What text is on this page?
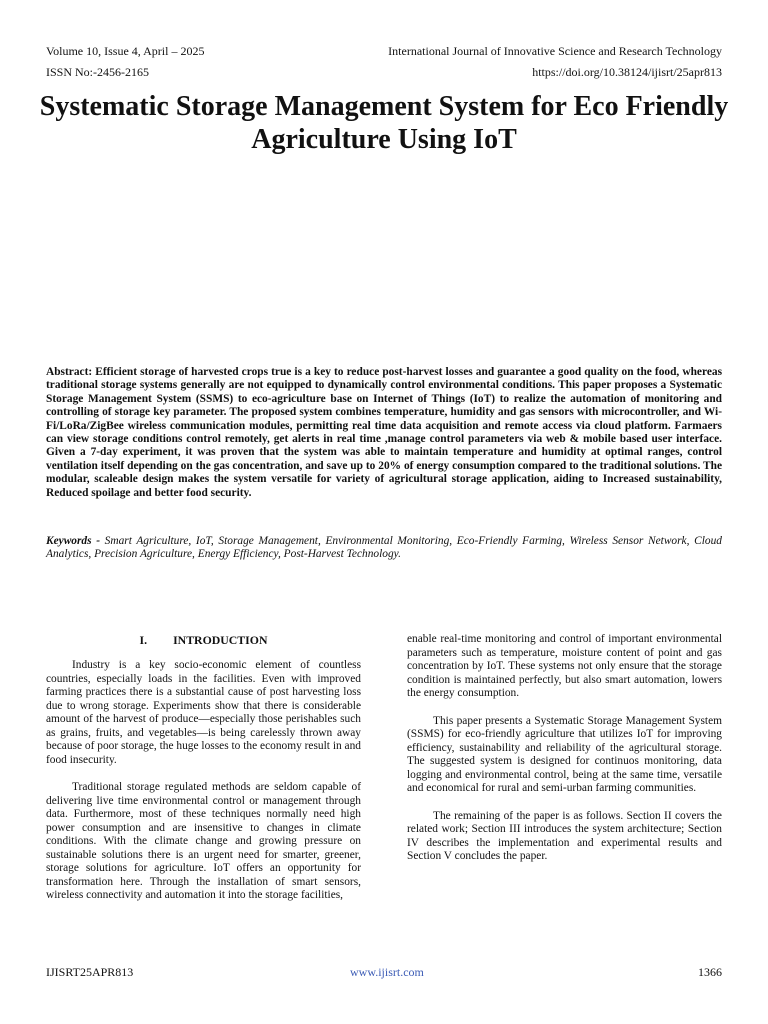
Volume 10, Issue 4, April – 2025	International Journal of Innovative Science and Research Technology
ISSN No:-2456-2165	https://doi.org/10.38124/ijisrt/25apr813
Systematic Storage Management System for Eco Friendly Agriculture Using IoT
Abstract: Efficient storage of harvested crops true is a key to reduce post-harvest losses and guarantee a good quality on the food, whereas traditional storage systems generally are not equipped to dynamically control environmental conditions. This paper proposes a Systematic Storage Management System (SSMS) to eco-agriculture base on Internet of Things (IoT) to realize the automation of monitoring and controlling of storage key parameter. The proposed system combines temperature, humidity and gas sensors with microcontroller, and Wi-Fi/LoRa/ZigBee wireless communication modules, permitting real time data acquisition and remote access via cloud platform. Farmaers can view storage conditions control remotely, get alerts in real time ,manage control parameters via web & mobile based user interface. Given a 7-day experiment, it was proven that the system was able to maintain temperature and humidity at optimal ranges, control ventilation itself depending on the gas concentration, and save up to 20% of energy consumption compared to the traditional solutions. The modular, scaleable design makes the system versatile for variety of agricultural storage application, aiding to Increased sustainability, Reduced spoilage and better food security.
Keywords - Smart Agriculture, IoT, Storage Management, Environmental Monitoring, Eco-Friendly Farming, Wireless Sensor Network, Cloud Analytics, Precision Agriculture, Energy Efficiency, Post-Harvest Technology.
I. INTRODUCTION

Industry is a key socio-economic element of countless countries, especially loads in the facilities. Even with improved farming practices there is a substantial cause of post harvesting loss due to wrong storage. Experiments show that there is considerable amount of the harvest of produce—especially those perishables such as grains, fruits, and vegetables—is being carelessly thrown away because of poor storage, the huge losses to the economy result in and food insecurity.

Traditional storage regulated methods are seldom capable of delivering live time environmental control or management through data. Furthermore, most of these techniques normally need high power consumption and are insensitive to changes in climate conditions. With the climate change and growing pressure on sustainable solutions there is an urgent need for smarter, greener, storage solutions for agriculture. IoT offers an opportunity for transformation here. Through the installation of smart sensors, wireless connectivity and automation it into the storage facilities,

enable real-time monitoring and control of important environmental parameters such as temperature, moisture content of point and gas concentration by IoT. These systems not only ensure that the storage condition is maintained perfectly, but also smart automation, lowers the energy consumption.

This paper presents a Systematic Storage Management System (SSMS) for eco-friendly agriculture that utilizes IoT for improving efficiency, sustainability and reliability of the agricultural storage. The suggested system is designed for continuos monitoring, data logging and environmental control, being at the same time, versatile and economical for rural and semi-urban farming communities.

The remaining of the paper is as follows. Section II covers the related work; Section III introduces the system architecture; Section IV describes the implementation and experimental results and Section V concludes the paper.

IJISRT25APR813	www.ijisrt.com	1366
